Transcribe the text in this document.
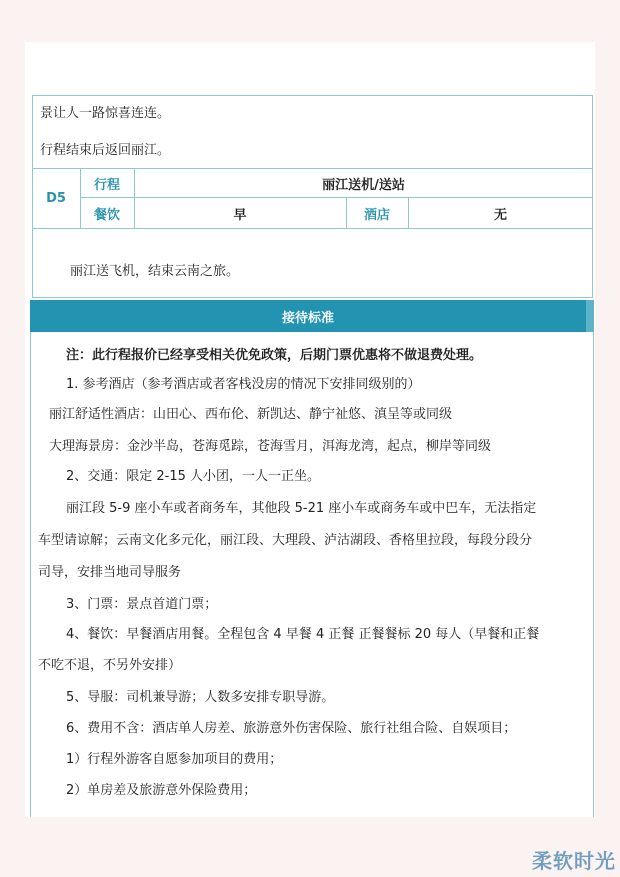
景让人一路惊喜连连。
行程结束后返回丽江。
D5
行程	丽江送机/送站
餐饮	早	酒店	无
丽江送飞机，结束云南之旅。
接待标准
注：此行程报价已经享受相关优免政策，后期门票优惠将不做退费处理。
1. 参考酒店（参考酒店或者客栈没房的情况下安排同级别的）
丽江舒适性酒店：山田心、西布伦、新凯达、静宁祉悠、滇呈等或同级
大理海景房：金沙半岛，苍海觅踪，苍海雪月，洱海龙湾，起点，柳岸等同级
2、交通：限定 2-15 人小团，一人一正坐。
丽江段 5-9 座小车或者商务车，其他段 5-21 座小车或商务车或中巴车，无法指定
车型请谅解；云南文化多元化，丽江段、大理段、泸沽湖段、香格里拉段，每段分段分
司导，安排当地司导服务
3、门票：景点首道门票；
4、餐饮：早餐酒店用餐。全程包含 4 早餐 4 正餐 正餐餐标 20 每人（早餐和正餐
不吃不退，不另外安排）
5、导服：司机兼导游；人数多安排专职导游。
6、费用不含：酒店单人房差、旅游意外伤害保险、旅行社组合险、自娱项目；
1）行程外游客自愿参加项目的费用；
2）单房差及旅游意外保险费用；
柔软时光
